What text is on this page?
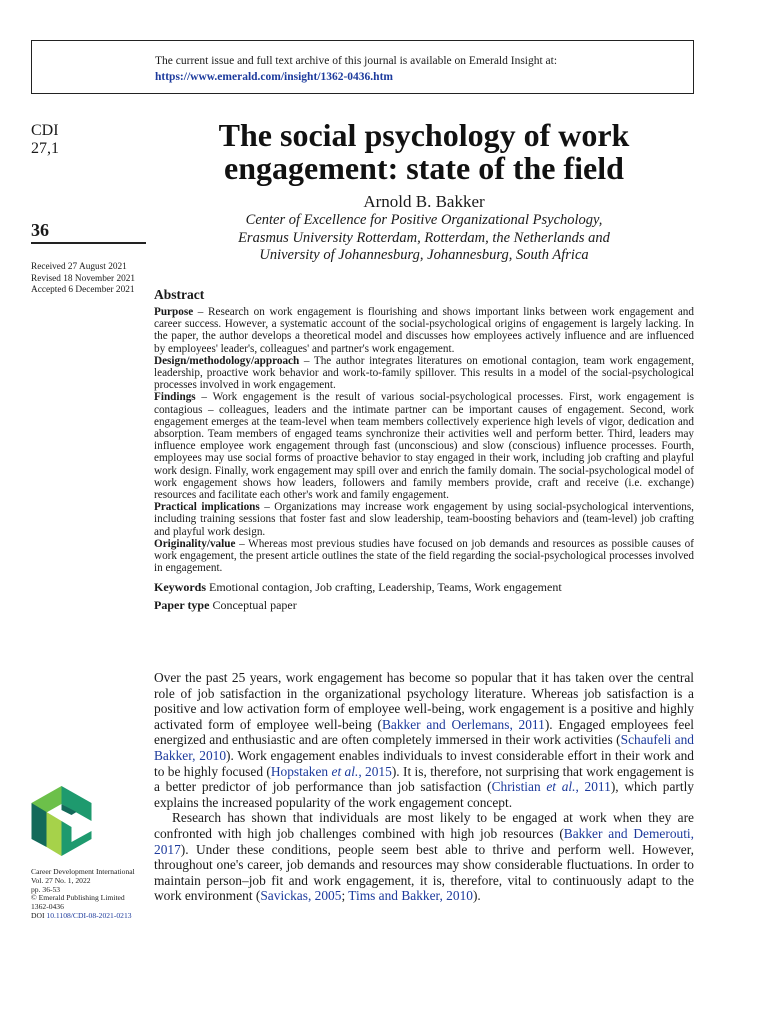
The current issue and full text archive of this journal is available on Emerald Insight at:
https://www.emerald.com/insight/1362-0436.htm
CDI
27,1
36
Received 27 August 2021
Revised 18 November 2021
Accepted 6 December 2021
The social psychology of work
engagement: state of the field
Arnold B. Bakker
Center of Excellence for Positive Organizational Psychology,
Erasmus University Rotterdam, Rotterdam, the Netherlands and
University of Johannesburg, Johannesburg, South Africa
Abstract
Purpose – Research on work engagement is flourishing and shows important links between work engagement and career success. However, a systematic account of the social-psychological origins of engagement is largely lacking. In the paper, the author develops a theoretical model and discusses how employees actively influence and are influenced by employees' leader's, colleagues' and partner's work engagement.
Design/methodology/approach – The author integrates literatures on emotional contagion, team work engagement, leadership, proactive work behavior and work-to-family spillover. This results in a model of the social-psychological processes involved in work engagement.
Findings – Work engagement is the result of various social-psychological processes. First, work engagement is contagious – colleagues, leaders and the intimate partner can be important causes of engagement. Second, work engagement emerges at the team-level when team members collectively experience high levels of vigor, dedication and absorption. Team members of engaged teams synchronize their activities well and perform better. Third, leaders may influence employee work engagement through fast (unconscious) and slow (conscious) influence processes. Fourth, employees may use social forms of proactive behavior to stay engaged in their work, including job crafting and playful work design. Finally, work engagement may spill over and enrich the family domain. The social-psychological model of work engagement shows how leaders, followers and family members provide, craft and receive (i.e. exchange) resources and facilitate each other's work and family engagement.
Practical implications – Organizations may increase work engagement by using social-psychological interventions, including training sessions that foster fast and slow leadership, team-boosting behaviors and (team-level) job crafting and playful work design.
Originality/value – Whereas most previous studies have focused on job demands and resources as possible causes of work engagement, the present article outlines the state of the field regarding the social-psychological processes involved in engagement.
Keywords Emotional contagion, Job crafting, Leadership, Teams, Work engagement
Paper type Conceptual paper

Over the past 25 years, work engagement has become so popular that it has taken over the central role of job satisfaction in the organizational psychology literature. Whereas job satisfaction is a positive and low activation form of employee well-being, work engagement is a positive and highly activated form of employee well-being (Bakker and Oerlemans, 2011). Engaged employees feel energized and enthusiastic and are often completely immersed in their work activities (Schaufeli and Bakker, 2010). Work engagement enables individuals to invest considerable effort in their work and to be highly focused (Hopstaken et al., 2015). It is, therefore, not surprising that work engagement is a better predictor of job performance than job satisfaction (Christian et al., 2011), which partly explains the increased popularity of the work engagement concept.

Research has shown that individuals are most likely to be engaged at work when they are confronted with high job challenges combined with high job resources (Bakker and Demerouti, 2017). Under these conditions, people seem best able to thrive and perform well. However, throughout one's career, job demands and resources may show considerable fluctuations. In order to maintain person–job fit and work engagement, it is, therefore, vital to continuously adapt to the work environment (Savickas, 2005; Tims and Bakker, 2010).

Career Development International
Vol. 27 No. 1, 2022
pp. 36-53
© Emerald Publishing Limited
1362-0436
DOI 10.1108/CDI-08-2021-0213
